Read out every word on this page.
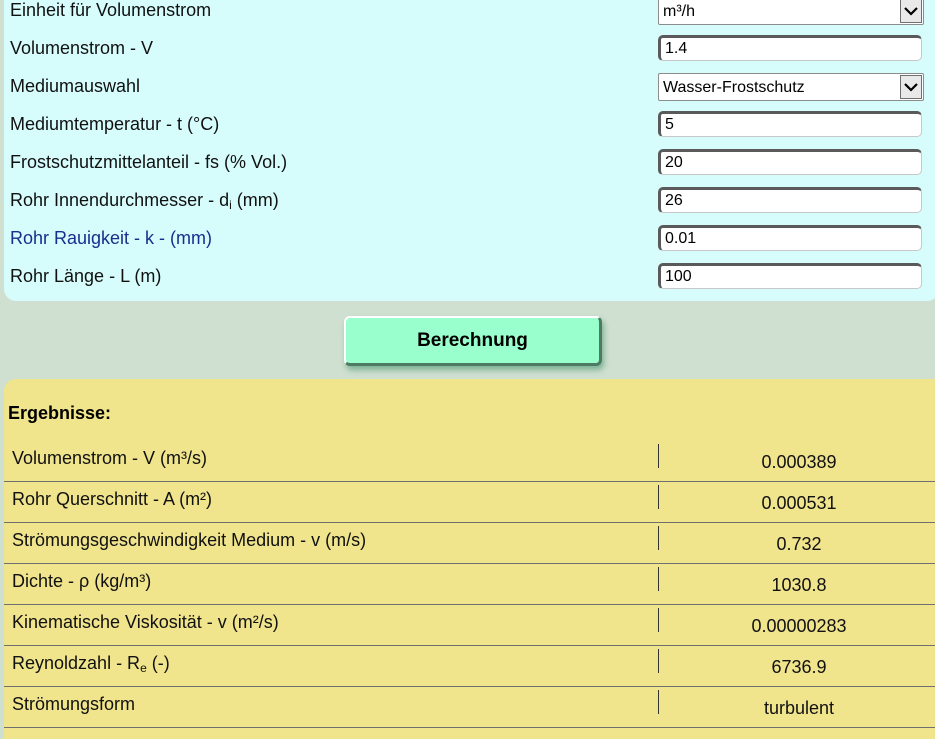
Einheit für Volumenstrom	m³/h
Volumenstrom - V	1.4
Mediumauswahl	Wasser-Frostschutz
Mediumtemperatur - t (°C)	5
Frostschutzmittelanteil - fs (% Vol.)	20
Rohr Innendurchmesser - $d_i$ (mm)	26
Rohr Rauigkeit - k - (mm)	0.01
Rohr Länge - L (m)	100
Berechnung
Ergebnisse:
Volumenstrom - V (m³/s)	0.000389
Rohr Querschnitt - A (m²)	0.000531
Strömungsgeschwindigkeit Medium - v (m/s)	0.732
Dichte - ρ (kg/m³)	1030.8
Kinematische Viskosität - v (m²/s)	0.00000283
Reynoldzahl - $R_e$ (-)	6736.9
Strömungsform	turbulent
